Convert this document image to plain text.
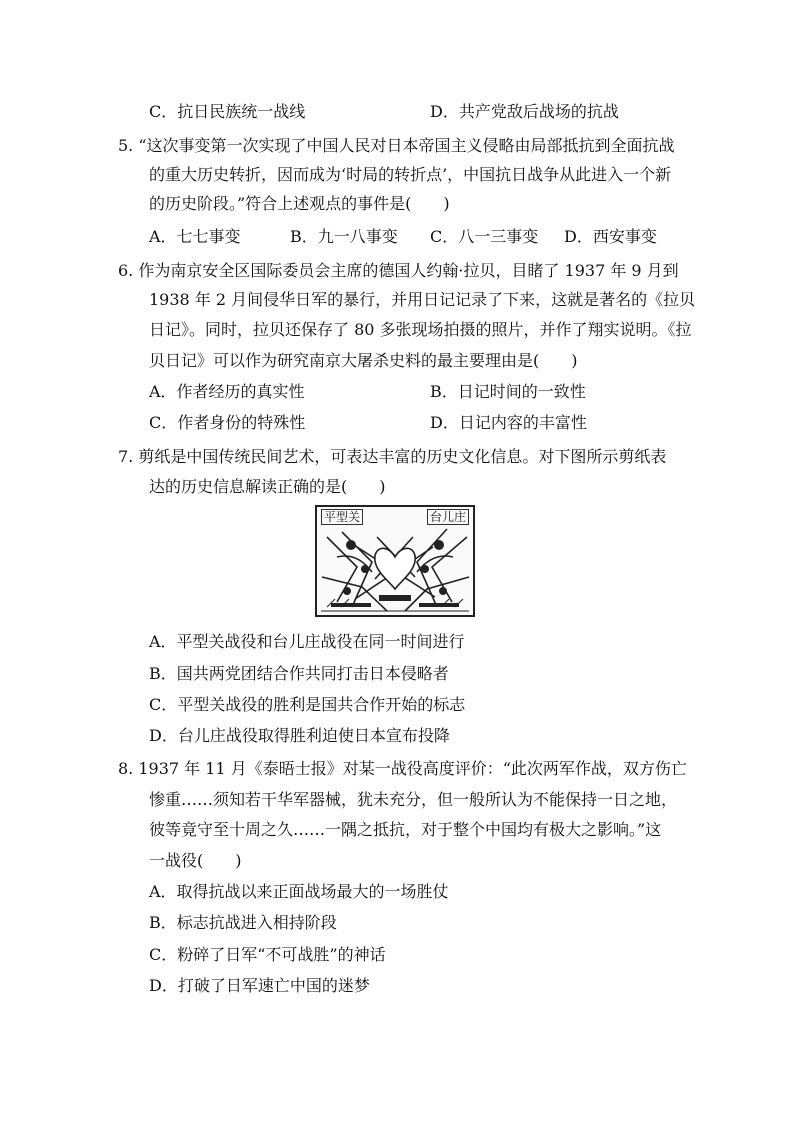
C．抗日民族统一战线	D．共产党敌后战场的抗战
5. “这次事变第一次实现了中国人民对日本帝国主义侵略由局部抵抗到全面抗战
的重大历史转折，因而成为‘时局的转折点’，中国抗日战争从此进入一个新
的历史阶段。”符合上述观点的事件是(　　)
A．七七事变	B．九一八事变 C．八一三事变 D．西安事变
6. 作为南京安全区国际委员会主席的德国人约翰·拉贝，目睹了 1937 年 9 月到
1938 年 2 月间侵华日军的暴行，并用日记记录了下来，这就是著名的《拉贝
日记》。同时，拉贝还保存了 80 多张现场拍摄的照片，并作了翔实说明。《拉
贝日记》可以作为研究南京大屠杀史料的最主要理由是(　　)
A．作者经历的真实性	B．日记时间的一致性
C．作者身份的特殊性	D．日记内容的丰富性
7. 剪纸是中国传统民间艺术，可表达丰富的历史文化信息。对下图所示剪纸表
达的历史信息解读正确的是(　　)
平型关	台儿庄
A．平型关战役和台儿庄战役在同一时间进行
B．国共两党团结合作共同打击日本侵略者
C．平型关战役的胜利是国共合作开始的标志
D．台儿庄战役取得胜利迫使日本宣布投降
8. 1937 年 11 月《泰晤士报》对某一战役高度评价：“此次两军作战，双方伤亡
惨重……须知若干华军器械，犹未充分，但一般所认为不能保持一日之地，
彼等竟守至十周之久……一隅之抵抗，对于整个中国均有极大之影响。”这
一战役(　　)
A．取得抗战以来正面战场最大的一场胜仗
B．标志抗战进入相持阶段
C．粉碎了日军“不可战胜”的神话
D．打破了日军速亡中国的迷梦
